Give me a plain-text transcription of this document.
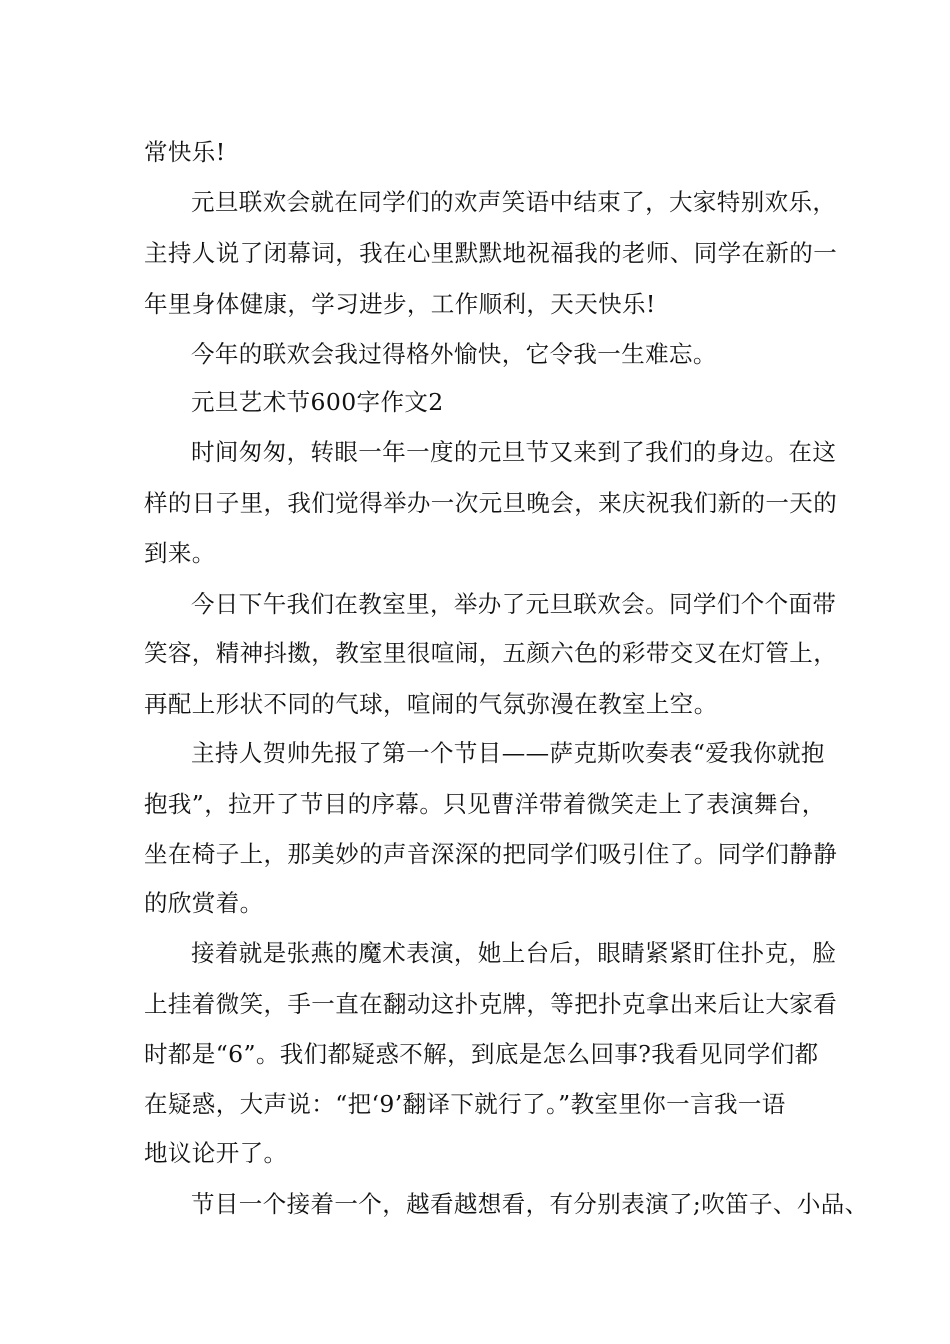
常快乐!
元旦联欢会就在同学们的欢声笑语中结束了，大家特别欢乐，
主持人说了闭幕词，我在心里默默地祝福我的老师、同学在新的一
年里身体健康，学习进步，工作顺利，天天快乐!
今年的联欢会我过得格外愉快，它令我一生难忘。
元旦艺术节600字作文2
时间匆匆，转眼一年一度的元旦节又来到了我们的身边。在这
样的日子里，我们觉得举办一次元旦晚会，来庆祝我们新的一天的
到来。
今日下午我们在教室里，举办了元旦联欢会。同学们个个面带
笑容，精神抖擞，教室里很喧闹，五颜六色的彩带交叉在灯管上，
再配上形状不同的气球，喧闹的气氛弥漫在教室上空。
主持人贺帅先报了第一个节目——萨克斯吹奏表“爱我你就抱
抱我”，拉开了节目的序幕。只见曹洋带着微笑走上了表演舞台，
坐在椅子上，那美妙的声音深深的把同学们吸引住了。同学们静静
的欣赏着。
接着就是张燕的魔术表演，她上台后，眼睛紧紧盯住扑克，脸
上挂着微笑，手一直在翻动这扑克牌，等把扑克拿出来后让大家看
时都是“6”。我们都疑惑不解，到底是怎么回事?我看见同学们都
在疑惑，大声说：“把‘9’翻译下就行了。”教室里你一言我一语
地议论开了。
节目一个接着一个，越看越想看，有分别表演了;吹笛子、小品、
